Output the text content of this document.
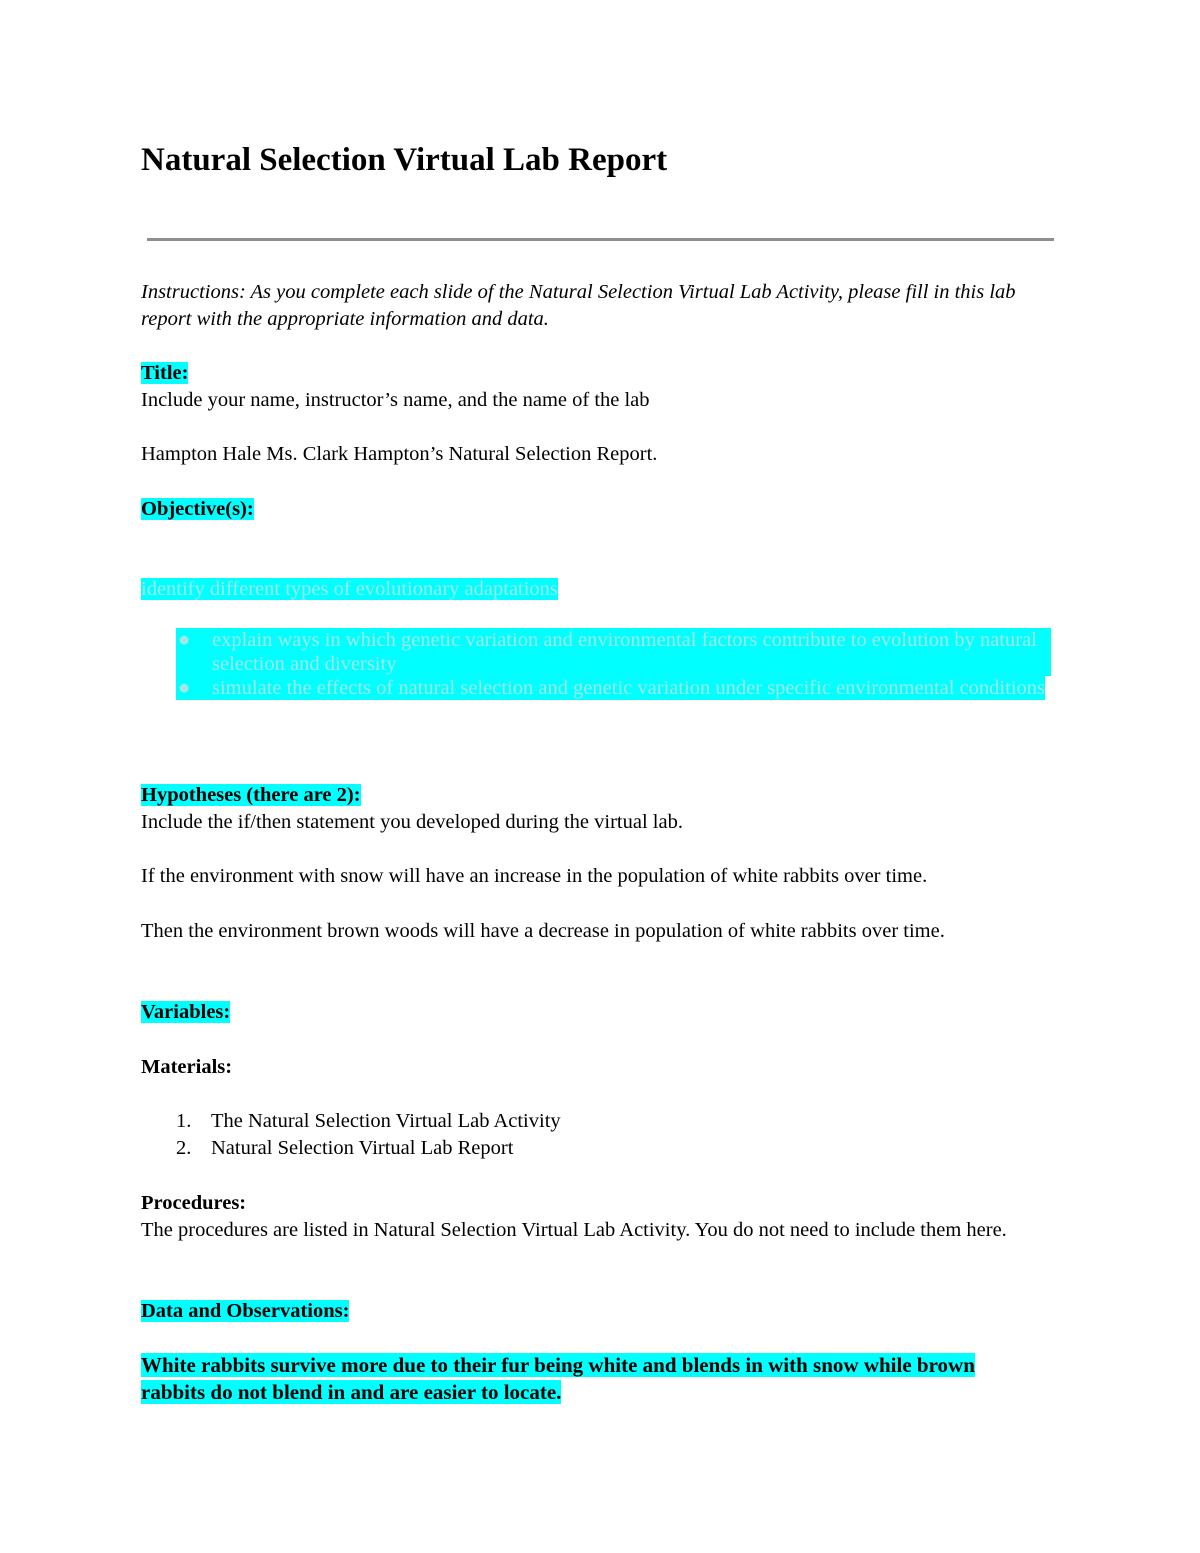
Natural Selection Virtual Lab Report
Instructions: As you complete each slide of the Natural Selection Virtual Lab Activity, please fill in this lab report with the appropriate information and data.
Title:
Include your name, instructor’s name, and the name of the lab
Hampton Hale Ms. Clark Hampton’s Natural Selection Report.
Objective(s):
identify different types of evolutionary adaptations
● explain ways in which genetic variation and environmental factors contribute to evolution by natural selection and diversity
● simulate the effects of natural selection and genetic variation under specific environmental conditions
Hypotheses (there are 2):
Include the if/then statement you developed during the virtual lab.
If the environment with snow will have an increase in the population of white rabbits over time.
Then the environment brown woods will have a decrease in population of white rabbits over time.
Variables:
Materials:
1. The Natural Selection Virtual Lab Activity
2. Natural Selection Virtual Lab Report
Procedures:
The procedures are listed in Natural Selection Virtual Lab Activity. You do not need to include them here.
Data and Observations:
White rabbits survive more due to their fur being white and blends in with snow while brown rabbits do not blend in and are easier to locate.
